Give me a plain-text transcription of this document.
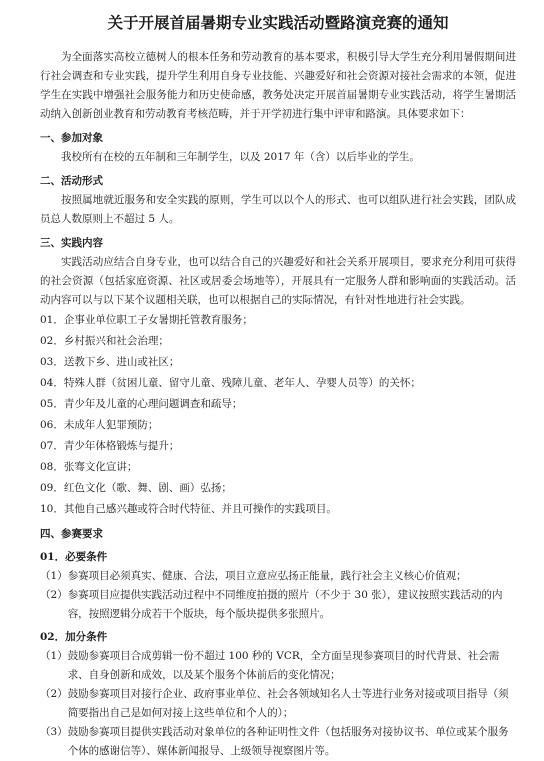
关于开展首届暑期专业实践活动暨路演竞赛的通知
为全面落实高校立德树人的根本任务和劳动教育的基本要求，积极引导大学生充分利用暑假期间进行社会调查和专业实践，提升学生利用自身专业技能、兴趣爱好和社会资源对接社会需求的本领，促进学生在实践中增强社会服务能力和历史使命感，教务处决定开展首届暑期专业实践活动，将学生暑期活动纳入创新创业教育和劳动教育考核范畴，并于开学初进行集中评审和路演。具体要求如下：
一、参加对象
我校所有在校的五年制和三年制学生，以及 2017 年（含）以后毕业的学生。
二、活动形式
按照属地就近服务和安全实践的原则，学生可以以个人的形式、也可以组队进行社会实践，团队成员总人数原则上不超过 5 人。
三、实践内容
实践活动应结合自身专业，也可以结合自己的兴趣爱好和社会关系开展项目，要求充分利用可获得的社会资源（包括家庭资源、社区或居委会场地等），开展具有一定服务人群和影响面的实践活动。活动内容可以与以下某个议题相关联，也可以根据自己的实际情况，有针对性地进行社会实践。
01．企事业单位职工子女暑期托管教育服务；
02．乡村振兴和社会治理；
03．送教下乡、进山或社区；
04．特殊人群（贫困儿童、留守儿童、残障儿童、老年人、孕婴人员等）的关怀；
05．青少年及儿童的心理问题调查和疏导；
06．未成年人犯罪预防；
07．青少年体格锻炼与提升；
08．张骞文化宣讲；
09．红色文化（歌、舞、剧、画）弘扬；
10．其他自己感兴趣或符合时代特征、并且可操作的实践项目。
四、参赛要求
01．必要条件
（1） 参赛项目必须真实、健康、合法，项目立意应弘扬正能量，践行社会主义核心价值观；
（2） 参赛项目应提供实践活动过程中不同维度拍摄的照片（不少于 30 张），建议按照实践活动的内容，按照逻辑分成若干个版块，每个版块提供多张照片。
02．加分条件
（1） 鼓励参赛项目合成剪辑一份不超过 100 秒的 VCR，全方面呈现参赛项目的时代背景、社会需求、自身创新和成效，以及某个服务个体前后的变化情况；
（2） 鼓励参赛项目对接行企业、政府事业单位、社会各领域知名人士等进行业务对接或项目指导（须简要指出自己是如何对接上这些单位和个人的）；
（3） 鼓励参赛项目提供实践活动对象单位的各种证明性文件（包括服务对接协议书、单位或某个服务个体的感谢信等）、媒体新闻报导、上级领导视察图片等。
